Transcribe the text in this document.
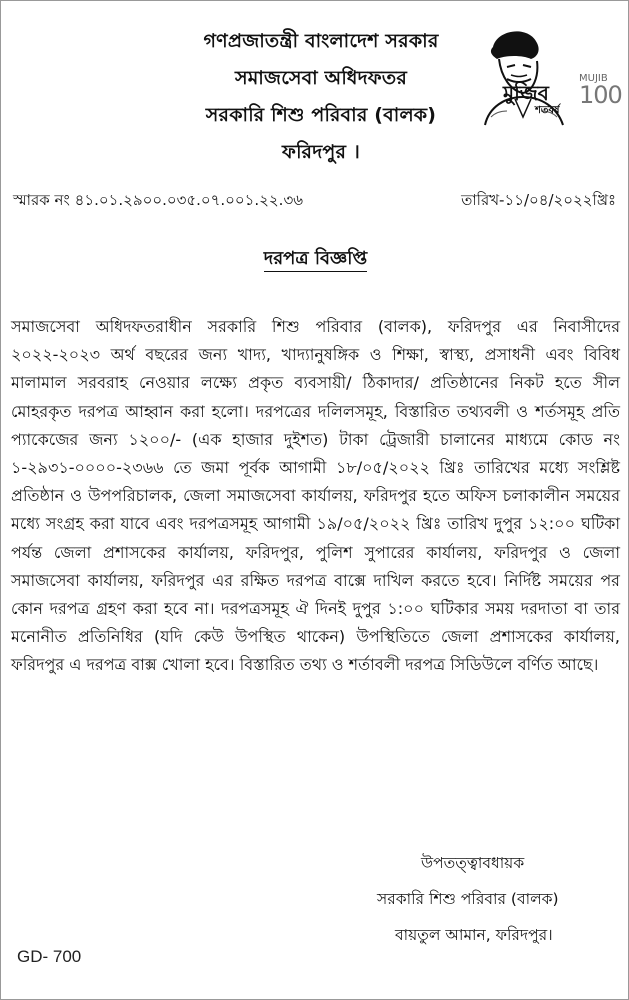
গণপ্রজাতন্ত্রী বাংলাদেশ সরকার
সমাজসেবা অধিদফতর
সরকারি শিশু পরিবার (বালক)
ফরিদপুর ।
মুজিব
শতবর্ষ
MUJIB
100
স্মারক নং ৪১.০১.২৯০০.০৩৫.০৭.০০১.২২.৩৬	তারিখ-১১/০৪/২০২২খ্রিঃ
দরপত্র বিজ্ঞপ্তি
সমাজসেবা অধিদফতরাধীন সরকারি শিশু পরিবার (বালক), ফরিদপুর এর নিবাসীদের ২০২২-২০২৩ অর্থ বছরের জন্য খাদ্য, খাদ্যানুষঙ্গিক ও শিক্ষা, স্বাস্থ্য, প্রসাধনী এবং বিবিধ মালামাল সরবরাহ নেওয়ার লক্ষ্যে প্রকৃত ব্যবসায়ী/ ঠিকাদার/ প্রতিষ্ঠানের নিকট হতে সীল মোহরকৃত দরপত্র আহ্বান করা হলো। দরপত্রের দলিলসমূহ, বিস্তারিত তথ্যবলী ও শর্তসমূহ প্রতি প্যাকেজের জন্য ১২০০/- (এক হাজার দুইশত) টাকা ট্রেজারী চালানের মাধ্যমে কোড নং ১-২৯৩১-০০০০-২৩৬৬ তে জমা পূর্বক আগামী ১৮/০৫/২০২২ খ্রিঃ তারিখের মধ্যে সংশ্লিষ্ট প্রতিষ্ঠান ও উপপরিচালক, জেলা সমাজসেবা কার্যালয়, ফরিদপুর হতে অফিস চলাকালীন সময়ের মধ্যে সংগ্রহ করা যাবে এবং দরপত্রসমূহ আগামী ১৯/০৫/২০২২ খ্রিঃ তারিখ দুপুর ১২:০০ ঘটিকা পর্যন্ত জেলা প্রশাসকের কার্যালয়, ফরিদপুর, পুলিশ সুপারের কার্যালয়, ফরিদপুর ও জেলা সমাজসেবা কার্যালয়, ফরিদপুর এর রক্ষিত দরপত্র বাক্সে দাখিল করতে হবে। নির্দিষ্ট সময়ের পর কোন দরপত্র গ্রহণ করা হবে না। দরপত্রসমূহ ঐ দিনই দুপুর ১:০০ ঘটিকার সময় দরদাতা বা তার মনোনীত প্রতিনিধির (যদি কেউ উপস্থিত থাকেন) উপস্থিতিতে জেলা প্রশাসকের কার্যালয়, ফরিদপুর এ দরপত্র বাক্স খোলা হবে। বিস্তারিত তথ্য ও শর্তাবলী দরপত্র সিডিউলে বর্ণিত আছে।
উপতত্ত্বাবধায়ক
সরকারি শিশু পরিবার (বালক)
বায়তুল আমান, ফরিদপুর।
GD- 700
